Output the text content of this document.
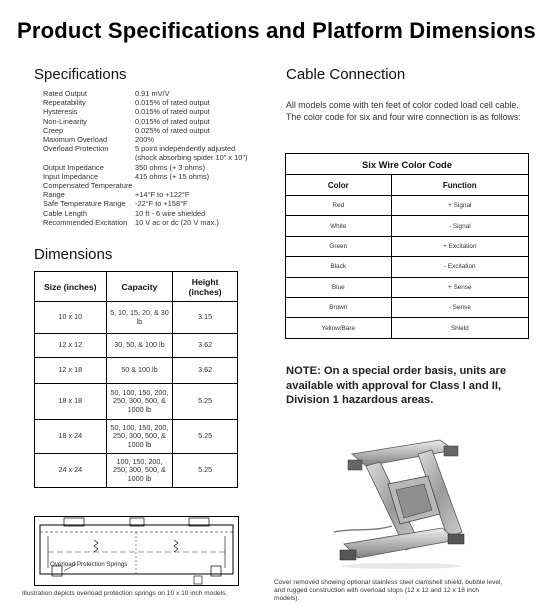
Product Specifications and Platform Dimensions
Specifications
Rated Output	0.91 mV/V
Repeatability	0.015% of rated output
Hysteresis	0.015% of rated output
Non-Linearity	0.015% of rated output
Creep	0.025% of rated output
Maximum Overload	200%
Overload Protection	5 point independently adjusted
(shock absorbing spider 10" x 10")
Output Impedance	350 ohms (+ 3 ohms)
Input Impedance	415 ohms (+ 15 ohms)
Compensated Temperature
Range	+14°F to +122°F
Safe Temperature Range	-22°F to +158°F
Cable Length	10 ft - 6 wire shielded
Recommended Excitation	10 V ac or dc (20 V max.)
Dimensions
Size (inches)	Capacity	Height (inches)
10 x 10	5, 10, 15, 20, & 30 lb	3.15
12 x 12	30, 50, & 100 lb	3.62
12 x 18	50 & 100 lb	3.62
18 x 18	50, 100, 150, 200, 250, 300, 500, & 1000 lb	5.25
18 x 24	50, 100, 150, 200, 250, 300, 500, & 1000 lb	5.25
24 x 24	100, 150, 200, 250, 300, 500, & 1000 lb	5.25
Overload Protection Springs
Illustration depicts overload protection springs on 10 x 10 inch models.
Cable Connection
All models come with ten feet of color coded load cell cable. The color code for six and four wire connection is as follows:
Six Wire Color Code	
Color	Function
Red	+ Signal
White	- Signal
Green	+ Excitation
Black	- Excitation
Blue	+ Sense
Brown	- Sense
Yellow/Bare	Shield
NOTE: On a special order basis, units are available with approval for Class I and II, Division 1 hazardous areas.
Cover removed showing optional stainless steel clamshell shield, bubble level, and rugged construction with overload stops (12 x 12 and 12 x 18 inch models).
